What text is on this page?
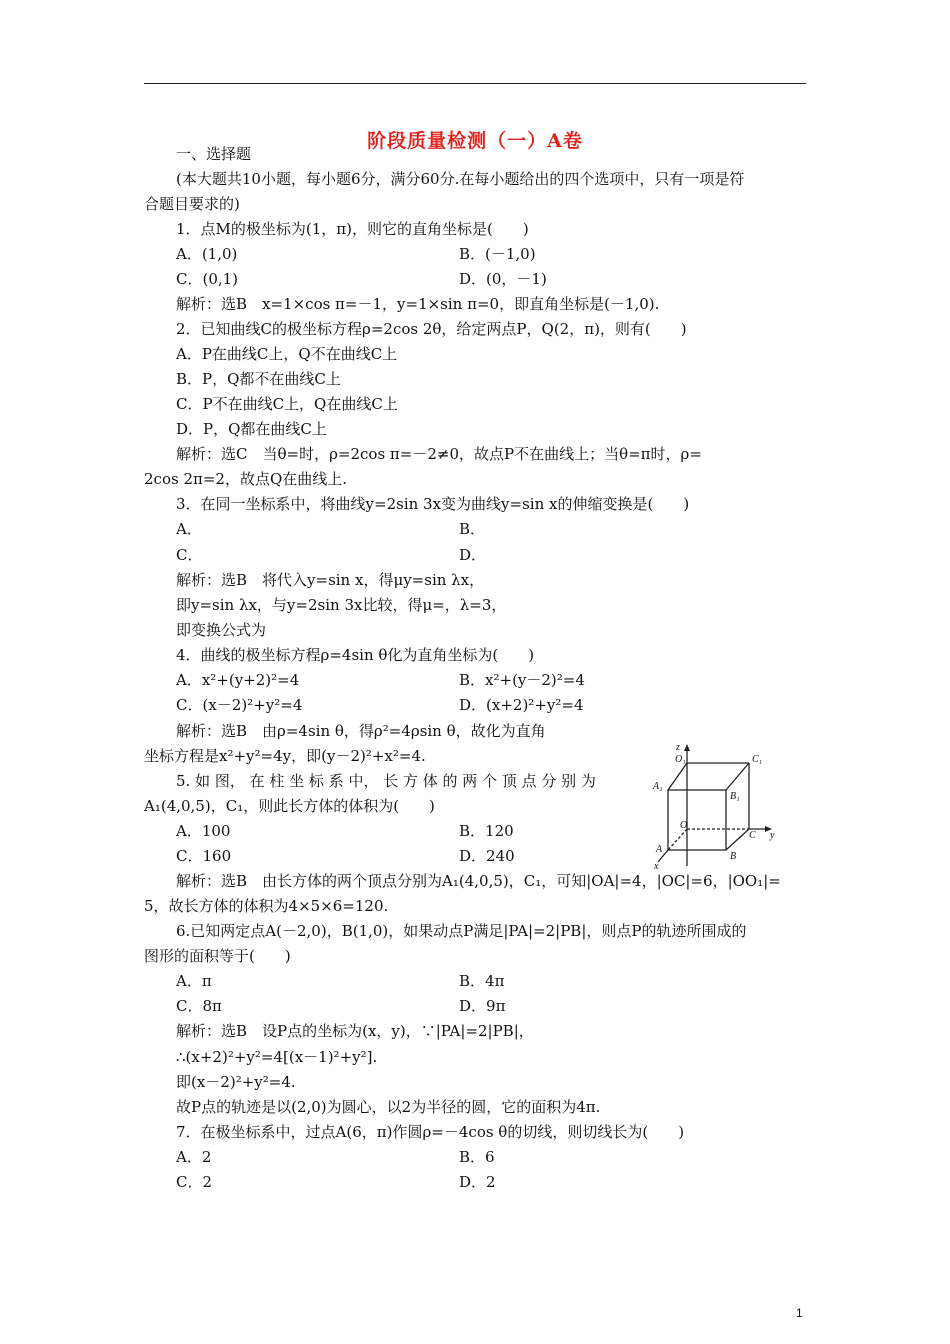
阶段质量检测（一）A卷
一、选择题
(本大题共10小题，每小题6分，满分60分.在每小题给出的四个选项中，只有一项是符
合题目要求的)
1．点M的极坐标为(1，π)，则它的直角坐标是(　　)
A．(1,0)	B．(－1,0)
C．(0,1)	D．(0，－1)
解析：选B　x=1×cos π=－1，y=1×sin π=0，即直角坐标是(－1,0).
2．已知曲线C的极坐标方程ρ=2cos 2θ，给定两点P，Q(2，π)，则有(　　)
A．P在曲线C上，Q不在曲线C上
B．P，Q都不在曲线C上
C．P不在曲线C上，Q在曲线C上
D．P，Q都在曲线C上
解析：选C　当θ=时，ρ=2cos π=－2≠0，故点P不在曲线上；当θ=π时，ρ=
2cos 2π=2，故点Q在曲线上.
3．在同一坐标系中，将曲线y=2sin 3x变为曲线y=sin x的伸缩变换是(　　)
A．	B．
C．	D．
解析：选B　将代入y=sin x，得μy=sin λx，
即y=sin λx，与y=2sin 3x比较，得μ=，λ=3，
即变换公式为
4．曲线的极坐标方程ρ=4sin θ化为直角坐标为(　　)
A．x²+(y+2)²=4	B．x²+(y－2)²=4
C．(x－2)²+y²=4	D．(x+2)²+y²=4
解析：选B　由ρ=4sin θ，得ρ²=4ρsin θ，故化为直角
坐标方程是x²+y²=4y，即(y－2)²+x²=4.
5. 如 图， 在 柱 坐 标 系 中， 长 方 体 的 两 个 顶 点 分 别 为
A₁(4,0,5)，C₁，则此长方体的体积为(　　)
A．100	B．120
C．160	D．240
解析：选B　由长方体的两个顶点分别为A₁(4,0,5)，C₁，可知|OA|=4，|OC|=6，|OO₁|=
5，故长方体的体积为4×5×6=120.
6.已知两定点A(－2,0)，B(1,0)，如果动点P满足|PA|=2|PB|，则点P的轨迹所围成的
图形的面积等于(　　)
A．π	B．4π
C．8π	D．9π
解析：选B　设P点的坐标为(x，y)，∵|PA|=2|PB|，
∴(x+2)²+y²=4[(x－1)²+y²].
即(x－2)²+y²=4.
故P点的轨迹是以(2,0)为圆心，以2为半径的圆，它的面积为4π.
7．在极坐标系中，过点A(6，π)作圆ρ=－4cos θ的切线，则切线长为(　　)
A．2	B．6
C．2	D．2
z
O₁	C₁
A₁
B₁
O
C y
A
B
x
1
